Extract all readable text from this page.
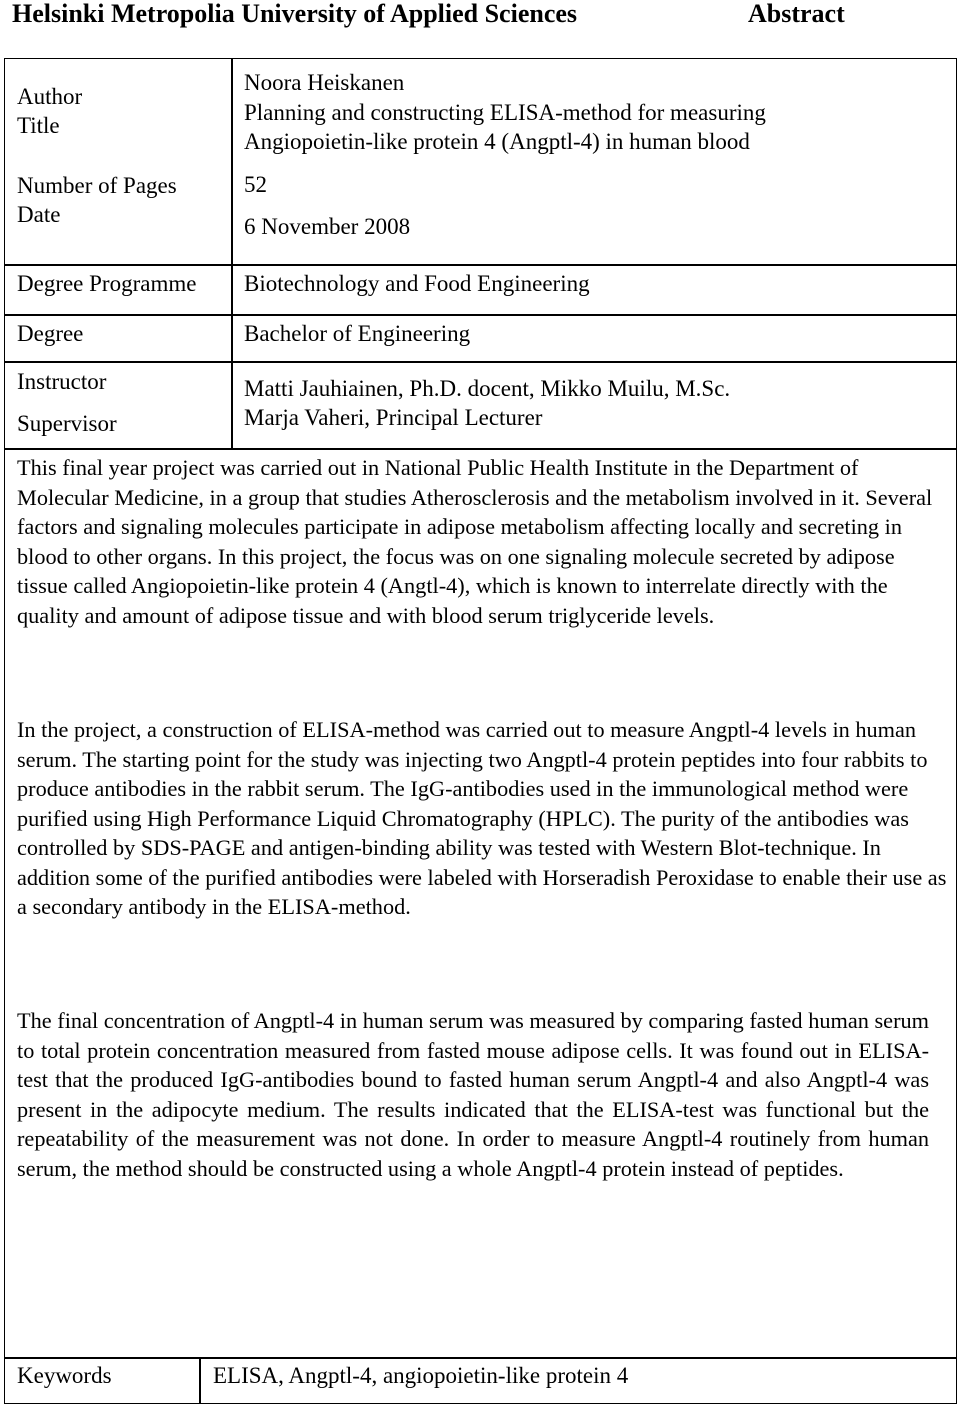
Helsinki Metropolia University of Applied Sciences	Abstract
Author
Title
Number of Pages
Date
Degree Programme
Degree
Instructor
Supervisor
Noora Heiskanen
Planning and constructing ELISA-method for measuring
Angiopoietin-like protein 4 (Angptl-4) in human blood
52
6 November 2008
Biotechnology and Food Engineering
Bachelor of Engineering
Matti Jauhiainen, Ph.D. docent, Mikko Muilu, M.Sc.
Marja Vaheri, Principal Lecturer

This final year project was carried out in National Public Health Institute in the Department of Molecular Medicine, in a group that studies Atherosclerosis and the metabolism involved in it. Several factors and signaling molecules participate in adipose metabolism affecting locally and secreting in blood to other organs. In this project, the focus was on one signaling molecule secreted by adipose tissue called Angiopoietin-like protein 4 (Angtl-4), which is known to interrelate directly with the quality and amount of adipose tissue and with blood serum triglyceride levels.

In the project, a construction of ELISA-method was carried out to measure Angptl-4 levels in human serum. The starting point for the study was injecting two Angptl-4 protein peptides into four rabbits to produce antibodies in the rabbit serum. The IgG-antibodies used in the immunological method were purified using High Performance Liquid Chromatography (HPLC). The purity of the antibodies was controlled by SDS-PAGE and antigen-binding ability was tested with Western Blot-technique. In addition some of the purified antibodies were labeled with Horseradish Peroxidase to enable their use as a secondary antibody in the ELISA-method.

The final concentration of Angptl-4 in human serum was measured by comparing fasted human serum to total protein concentration measured from fasted mouse adipose cells. It was found out in ELISA-test that the produced IgG-antibodies bound to fasted human serum Angptl-4 and also Angptl-4 was present in the adipocyte medium. The results indicated that the ELISA-test was functional but the repeatability of the measurement was not done. In order to measure Angptl-4 routinely from human serum, the method should be constructed using a whole Angptl-4 protein instead of peptides.

Keywords	ELISA, Angptl-4, angiopoietin-like protein 4
